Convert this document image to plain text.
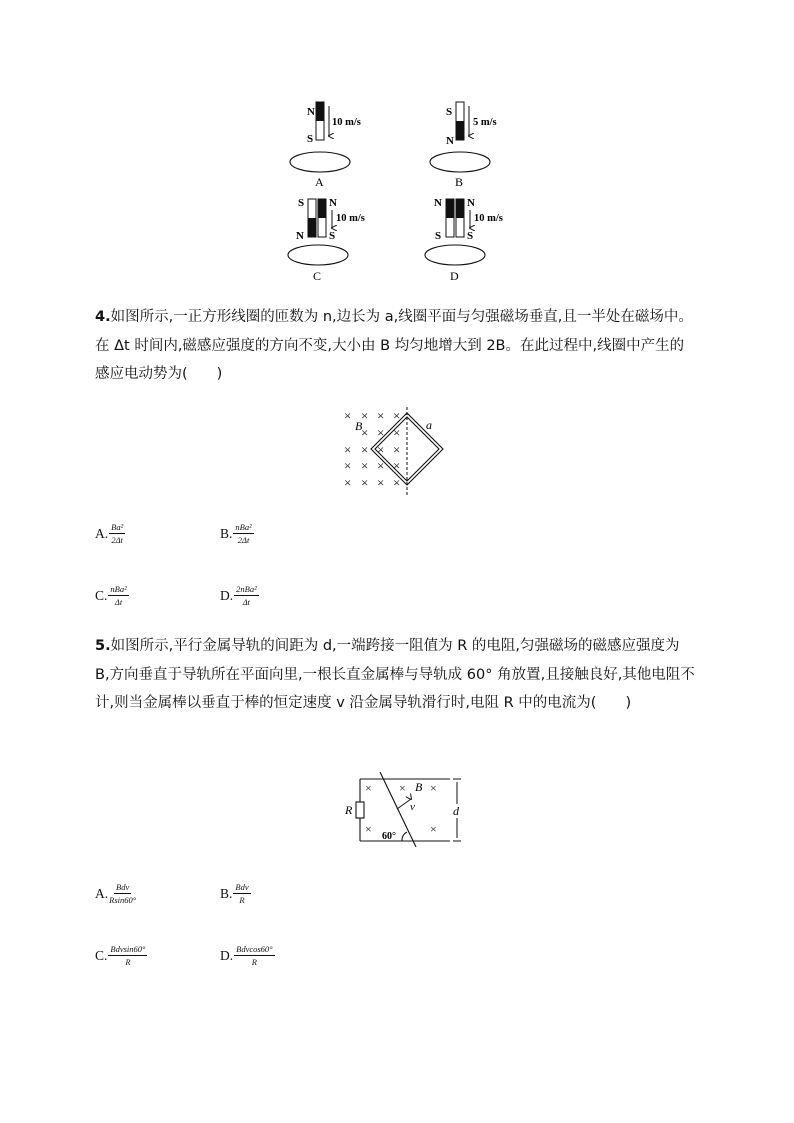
N
S
10 m/s
A
S
N
5 m/s
B
S
N
N
S
10 m/s
C
N
S
N
S
10 m/s
D
4.如图所示,一正方形线圈的匝数为 n,边长为 a,线圈平面与匀强磁场垂直,且一半处在磁场中。在 Δt 时间内,磁感应强度的方向不变,大小由 B 均匀地增大到 2B。在此过程中,线圈中产生的感应电动势为(　　)
× × × ×
× × ×
× × × ×
× × × ×
× × × ×
B	a
A. $\frac{\text{Ba²}}{2\Delta t}$	B. $\frac{\text{nBa²}}{2\Delta t}$
C. $\frac{\text{nBa²}}{\Delta t}$	D. $\frac{\text{2nBa²}}{\Delta t}$
5.如图所示,平行金属导轨的间距为 d,一端跨接一阻值为 R 的电阻,匀强磁场的磁感应强度为 B,方向垂直于导轨所在平面向里,一根长直金属棒与导轨成 60° 角放置,且接触良好,其他电阻不计,则当金属棒以垂直于棒的恒定速度 v 沿金属导轨滑行时,电阻 R 中的电流为(　　)
R
× × ×
×	×
B
v
60°
d
A. $\frac{\text{Bdv}}{Rsin60^\circ}$	B. $\frac{\text{Bdv}}{R}$
C. $\frac{\text{Bdvsin60°}}{R}$	D. $\frac{\text{Bdvcos60°}}{R}$
